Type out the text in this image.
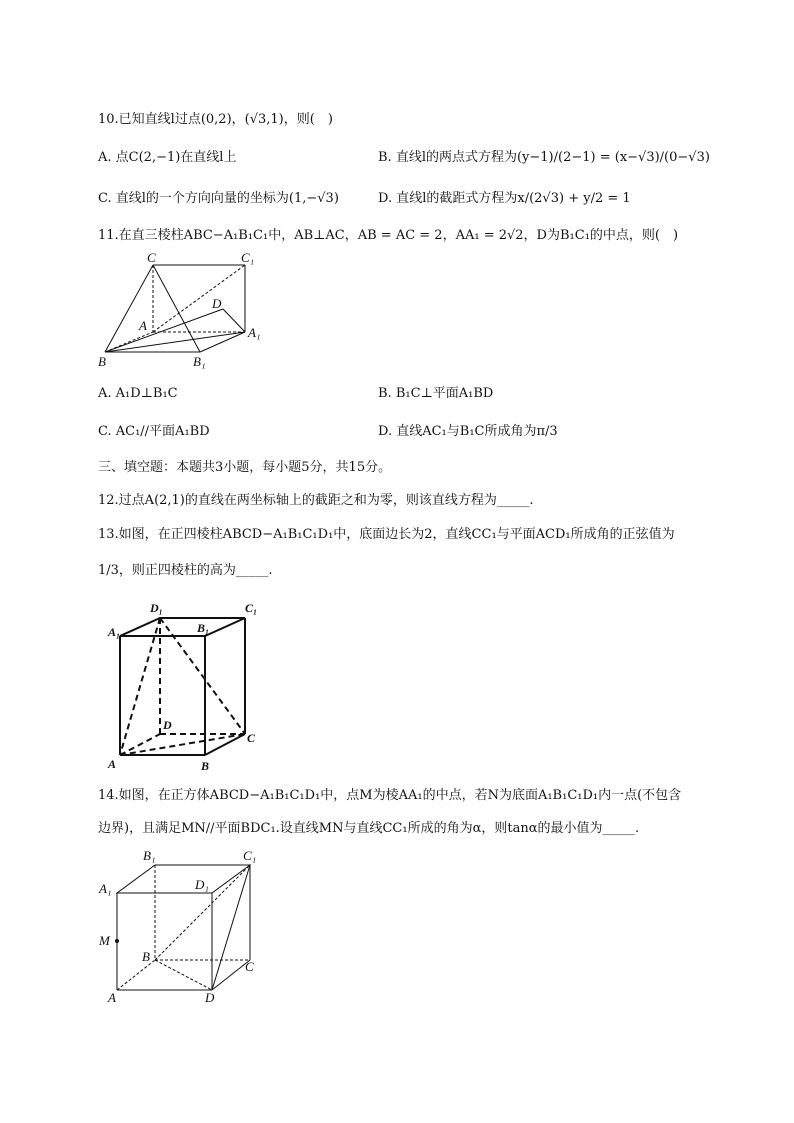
10.已知直线l过点(0,2)，(√3,1)，则(　)
A. 点C(2,−1)在直线l上	B. 直线l的两点式方程为(y−1)/(2−1) = (x−√3)/(0−√3)
C. 直线l的一个方向向量的坐标为(1,−√3)	D. 直线l的截距式方程为x/(2√3) + y/2 = 1
11.在直三棱柱ABC−A₁B₁C₁中，AB⊥AC，AB = AC = 2，AA₁ = 2√2，D为B₁C₁的中点，则(　)
C	C₁
D
A	A₁
B	B₁
A. A₁D⊥B₁C	B. B₁C⊥平面A₁BD
C. AC₁//平面A₁BD	D. 直线AC₁与B₁C所成角为π/3
三、填空题：本题共3小题，每小题5分，共15分。
12.过点A(2,1)的直线在两坐标轴上的截距之和为零，则该直线方程为_____.
13.如图，在正四棱柱ABCD−A₁B₁C₁D₁中，底面边长为2，直线CC₁与平面ACD₁所成角的正弦值为
1/3，则正四棱柱的高为_____.
D₁	C₁
A₁	B₁
D
C
A	B
14.如图，在正方体ABCD−A₁B₁C₁D₁中，点M为棱AA₁的中点，若N为底面A₁B₁C₁D₁内一点(不包含
边界)，且满足MN//平面BDC₁.设直线MN与直线CC₁所成的角为α，则tanα的最小值为_____.
B₁	C₁
A₁	D₁
M
B
C
A	D
